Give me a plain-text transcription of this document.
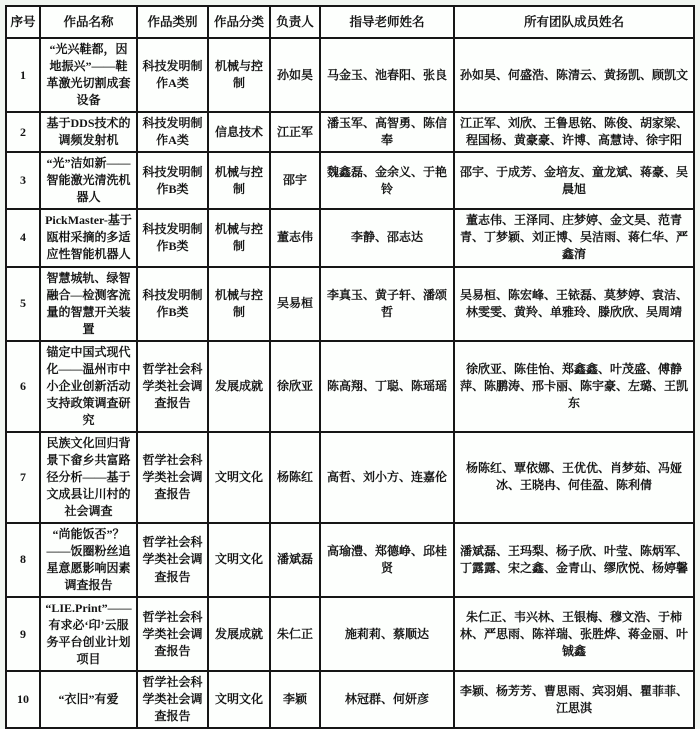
序号	作品名称	作品类别	作品分类	负责人	指导老师姓名	所有团队成员姓名
1	“光兴鞋都，因地振兴”——鞋革激光切割成套设备	科技发明制作A类	机械与控制	孙如昊	马金玉、池春阳、张良	孙如昊、何盛浩、陈清云、黄扬凯、顾凯文
2	基于DDS技术的调频发射机	科技发明制作A类	信息技术	江正军	潘玉军、高智勇、陈信奉	江正军、刘欣、王鲁思铭、陈俊、胡家梁、程国杨、黄豪豪、许博、高慧诗、徐宇阳
3	“光”洁如新——智能激光清洗机器人	科技发明制作B类	机械与控制	邵宇	魏鑫磊、金余义、于艳铃	邵宇、于成芳、金培友、童龙斌、蒋豪、吴晨旭
4	PickMaster-基于瓯柑采摘的多适应性智能机器人	科技发明制作B类	机械与控制	董志伟	李静、邵志达	董志伟、王泽同、庄梦婷、金文昊、范青青、丁梦颖、刘正博、吴洁雨、蒋仁华、严鑫淯
5	智慧城轨、绿智融合—检测客流量的智慧开关装置	科技发明制作B类	机械与控制	吴易桓	李真玉、黄子轩、潘颂哲	吴易桓、陈宏峰、王铱磊、莫梦婷、袁洁、林雯雯、黄羚、单雅玲、滕欣欣、吴周靖
6	锚定中国式现代化——温州市中小企业创新活动支持政策调查研究	哲学社会科学类社会调查报告	发展成就	徐欣亚	陈高翔、丁聪、陈瑶瑶	徐欣亚、陈佳怡、郑鑫鑫、叶茂盛、傅静萍、陈鹏涛、邢卡丽、陈宇豪、左璐、王凯东
7	民族文化回归背景下畲乡共富路径分析——基于文成县让川村的社会调查	哲学社会科学类社会调查报告	文明文化	杨陈红	高哲、刘小方、连嘉伦	杨陈红、覃依娜、王优优、肖梦茹、冯娅冰、王晓冉、何佳盈、陈利倩
8	“尚能饭否”？——饭圈粉丝追星意愿影响因素调查报告	哲学社会科学类社会调查报告	文明文化	潘斌磊	高瑜澧、郑德峥、邱桂贤	潘斌磊、王玛梨、杨子欣、叶莹、陈炳军、丁露露、宋之鑫、金青山、缪欣悦、杨婷馨
9	“LIE.Print”——有求必‘印’云服务平台创业计划项目	哲学社会科学类社会调查报告	发展成就	朱仁正	施莉莉、蔡顺达	朱仁正、韦兴林、王银梅、穆文浩、于柿林、严思雨、陈祥瑞、张胜烨、蒋金丽、叶铖鑫
10	“衣旧”有爱	哲学社会科学类社会调查报告	文明文化	李颖	林冠群、何妍彦	李颖、杨芳芳、曹思雨、宾羽娟、瞿菲菲、江思淇
